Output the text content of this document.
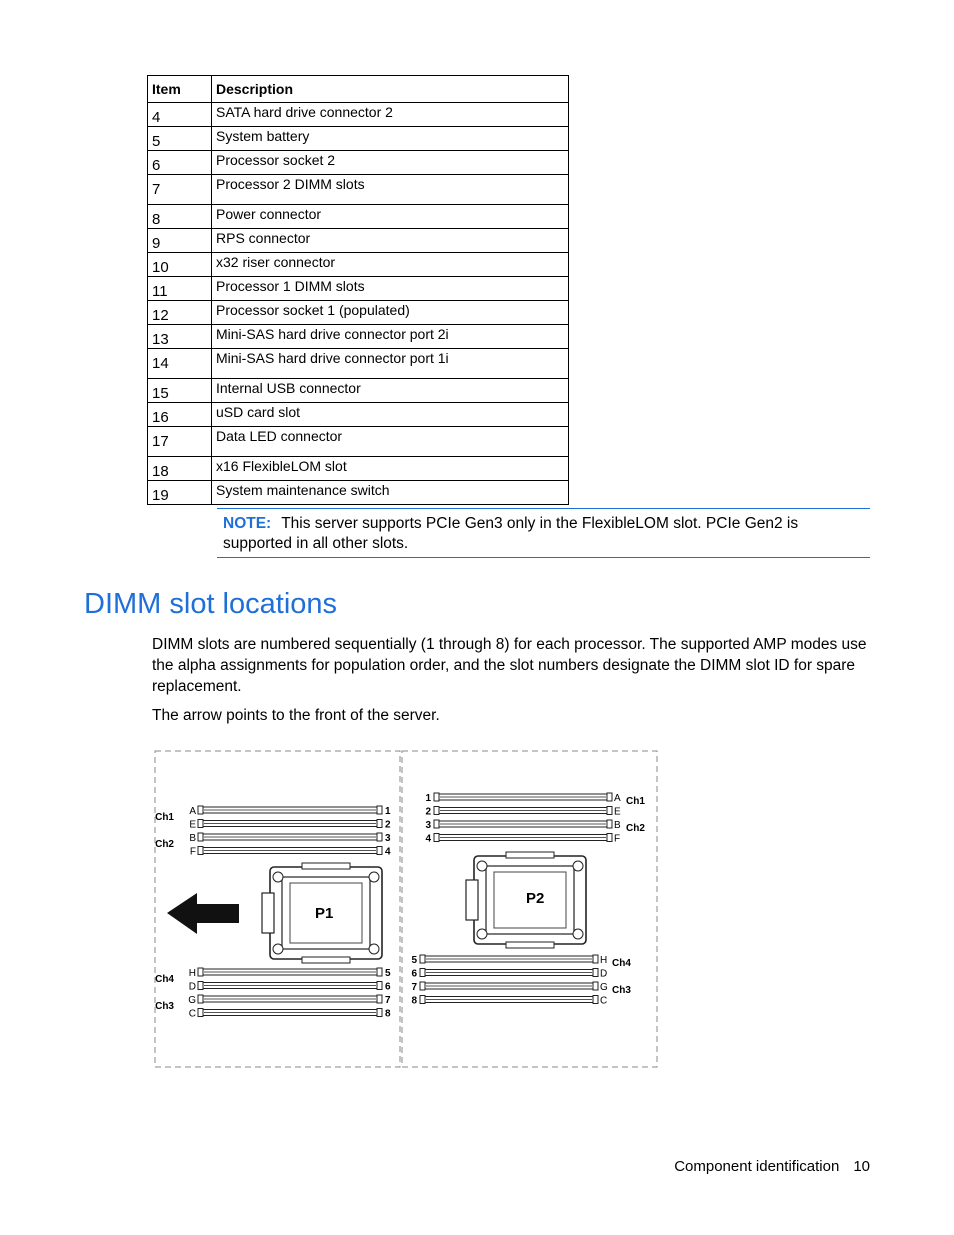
Item	Description
4	SATA hard drive connector 2
5	System battery
6	Processor socket 2
7	Processor 2 DIMM slots
8	Power connector
9	RPS connector
10	x32 riser connector
11	Processor 1 DIMM slots
12	Processor socket 1 (populated)
13	Mini-SAS hard drive connector port 2i
14	Mini-SAS hard drive connector port 1i
15	Internal USB connector
16	uSD card slot
17	Data LED connector
18	x16 FlexibleLOM slot
19	System maintenance switch
NOTE: This server supports PCIe Gen3 only in the FlexibleLOM slot. PCIe Gen2 is supported in all other slots.
DIMM slot locations

DIMM slots are numbered sequentially (1 through 8) for each processor. The supported AMP modes use the alpha assignments for population order, and the slot numbers designate the DIMM slot ID for spare replacement.

The arrow points to the front of the server.

P1
P2
A	1
E	2
B	3
F	4
Ch1
Ch2
H	5
D	6
G	7
C	8
Ch4
Ch3
1	A
2	E
3	B
4	F
Ch1
Ch2
5	H
6	D
7	G
8	C
Ch4
Ch3
Component identification 10
